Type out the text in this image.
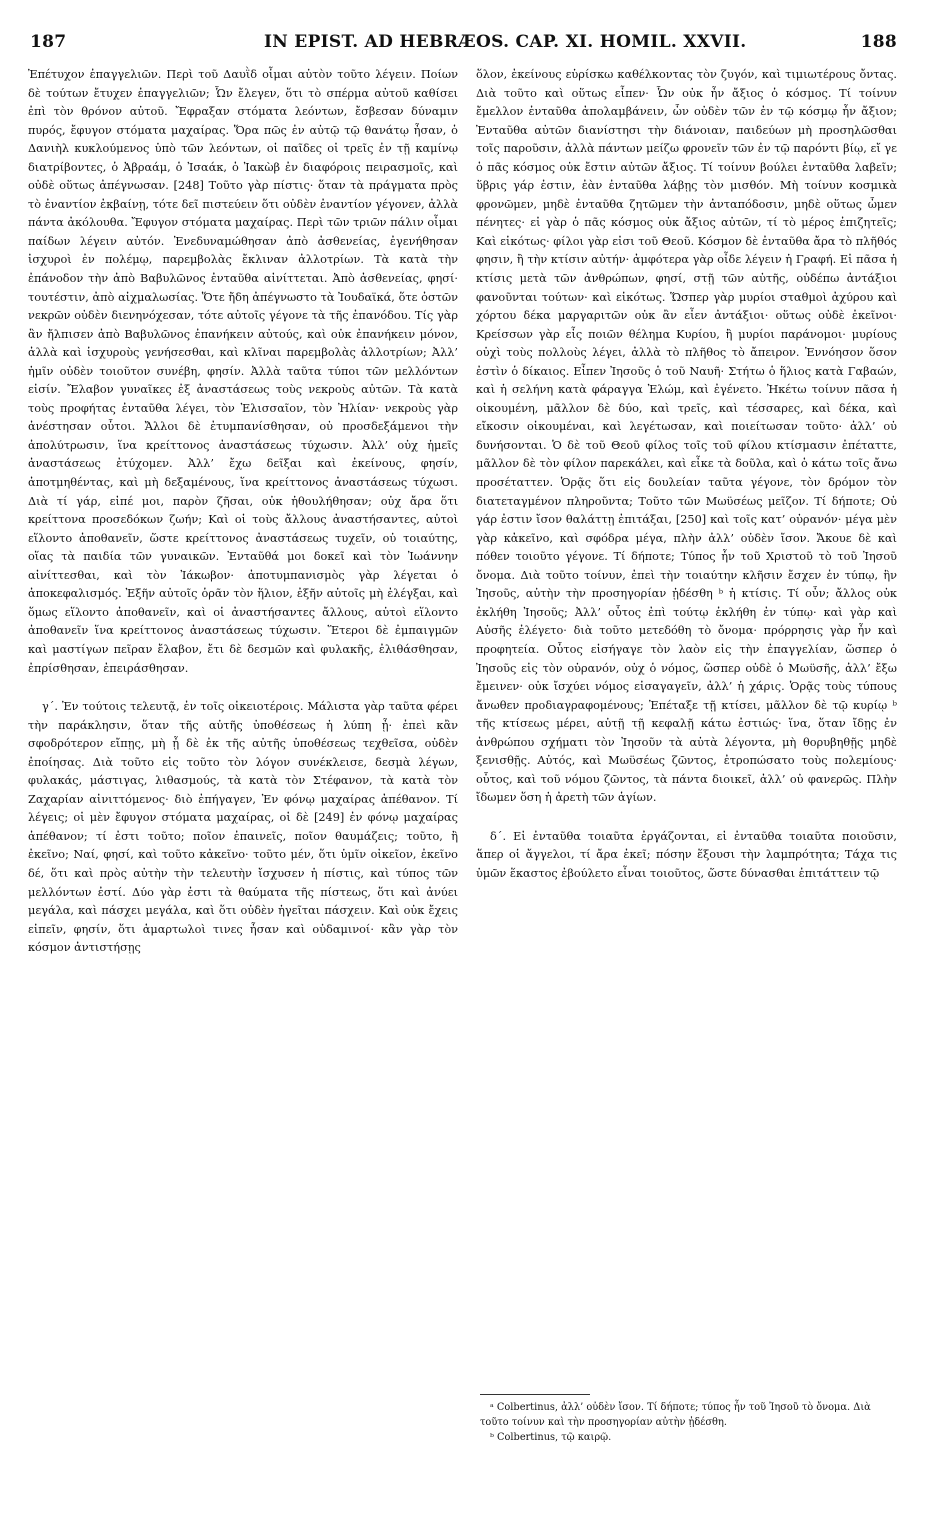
187	IN EPIST. AD HEBRÆOS. CAP. XI. HOMIL. XXVII.	188

Ἐπέτυχον ἐπαγγελιῶν. Περὶ τοῦ Δαυῒδ οἶμαι αὐτὸν τοῦτο λέγειν. Ποίων δὲ τούτων ἔτυχεν ἐπαγγελιῶν; Ὧν ἔλεγεν, ὅτι τὸ σπέρμα αὐτοῦ καθίσει ἐπὶ τὸν θρόνον αὐτοῦ. Ἔφραξαν στόματα λεόντων, ἔσβεσαν δύναμιν πυρός, ἔφυγον στόματα μαχαίρας. Ὅρα πῶς ἐν αὐτῷ τῷ θανάτῳ ἦσαν, ὁ Δανιὴλ κυκλούμενος ὑπὸ τῶν λεόντων, οἱ παῖδες οἱ τρεῖς ἐν τῇ καμίνῳ διατρίβοντες, ὁ Ἀβραάμ, ὁ Ἰσαάκ, ὁ Ἰακὼβ ἐν διαφόροις πειρασμοῖς, καὶ οὐδὲ οὕτως ἀπέγνωσαν. [248] Τοῦτο γὰρ πίστις· ὅταν τὰ πράγματα πρὸς τὸ ἐναντίον ἐκβαίνῃ, τότε δεῖ πιστεύειν ὅτι οὐδὲν ἐναντίον γέγονεν, ἀλλὰ πάντα ἀκόλουθα. Ἔφυγον στόματα μαχαίρας. Περὶ τῶν τριῶν πάλιν οἶμαι παίδων λέγειν αὐτόν. Ἐνεδυναμώθησαν ἀπὸ ἀσθενείας, ἐγενήθησαν ἰσχυροὶ ἐν πολέμῳ, παρεμβολὰς ἔκλιναν ἀλλοτρίων. Τὰ κατὰ τὴν ἐπάνοδον τὴν ἀπὸ Βαβυλῶνος ἐνταῦθα αἰνίττεται. Ἀπὸ ἀσθενείας, φησί· τουτέστιν, ἀπὸ αἰχμαλωσίας. Ὅτε ἤδη ἀπέγνωστο τὰ Ἰουδαϊκά, ὅτε ὀστῶν νεκρῶν οὐδὲν διενηνόχεσαν, τότε αὐτοῖς γέγονε τὰ τῆς ἐπανόδου. Τίς γὰρ ἂν ἤλπισεν ἀπὸ Βαβυλῶνος ἐπανήκειν αὐτούς, καὶ οὐκ ἐπανήκειν μόνον, ἀλλὰ καὶ ἰσχυροὺς γενήσεσθαι, καὶ κλῖναι παρεμβολὰς ἀλλοτρίων; Ἀλλ’ ἡμῖν οὐδὲν τοιοῦτον συνέβη, φησίν. Ἀλλὰ ταῦτα τύποι τῶν μελλόντων εἰσίν. Ἔλαβον γυναῖκες ἐξ ἀναστάσεως τοὺς νεκροὺς αὐτῶν. Τὰ κατὰ τοὺς προφήτας ἐνταῦθα λέγει, τὸν Ἐλισσαῖον, τὸν Ἠλίαν· νεκροὺς γὰρ ἀνέστησαν οὗτοι. Ἄλλοι δὲ ἐτυμπανίσθησαν, οὐ προσδεξάμενοι τὴν ἀπολύτρωσιν, ἵνα κρείττονος ἀναστάσεως τύχωσιν. Ἀλλ’ οὐχ ἡμεῖς ἀναστάσεως ἐτύχομεν. Ἀλλ’ ἔχω δεῖξαι καὶ ἐκείνους, φησίν, ἀποτμηθέντας, καὶ μὴ δεξαμένους, ἵνα κρείττονος ἀναστάσεως τύχωσι. Διὰ τί γάρ, εἰπέ μοι, παρὸν ζῆσαι, οὐκ ἠθουλήθησαν; οὐχ ἄρα ὅτι κρείττονα προσεδόκων ζωήν; Καὶ οἱ τοὺς ἄλλους ἀναστήσαντες, αὐτοὶ εἵλοντο ἀποθανεῖν, ὥστε κρείττονος ἀναστάσεως τυχεῖν, οὐ τοιαύτης, οἵας τὰ παιδία τῶν γυναικῶν. Ἐνταῦθά μοι δοκεῖ καὶ τὸν Ἰωάννην αἰνίττεσθαι, καὶ τὸν Ἰάκωβον· ἀποτυμπανισμὸς γὰρ λέγεται ὁ ἀποκεφαλισμός. Ἐξῆν αὐτοῖς ὁρᾶν τὸν ἥλιον, ἐξῆν αὐτοῖς μὴ ἐλέγξαι, καὶ ὅμως εἵλοντο ἀποθανεῖν, καὶ οἱ ἀναστήσαντες ἄλλους, αὐτοὶ εἵλοντο ἀποθανεῖν ἵνα κρείττονος ἀναστάσεως τύχωσιν. Ἕτεροι δὲ ἐμπαιγμῶν καὶ μαστίγων πεῖραν ἔλαβον, ἔτι δὲ δεσμῶν καὶ φυλακῆς, ἐλιθάσθησαν, ἐπρίσθησαν, ἐπειράσθησαν.

γ΄. Ἐν τούτοις τελευτᾷ, ἐν τοῖς οἰκειοτέροις. Μάλιστα γὰρ ταῦτα φέρει τὴν παράκλησιν, ὅταν τῆς αὐτῆς ὑποθέσεως ἡ λύπη ᾖ· ἐπεὶ κἂν σφοδρότερον εἴπῃς, μὴ ᾖ δὲ ἐκ τῆς αὐτῆς ὑποθέσεως τεχθεῖσα, οὐδὲν ἐποίησας. Διὰ τοῦτο εἰς τοῦτο τὸν λόγον συνέκλεισε, δεσμὰ λέγων, φυλακάς, μάστιγας, λιθασμούς, τὰ κατὰ τὸν Στέφανον, τὰ κατὰ τὸν Ζαχαρίαν αἰνιττόμενος· διὸ ἐπήγαγεν, Ἐν φόνῳ μαχαίρας ἀπέθανον. Τί λέγεις; οἱ μὲν ἔφυγον στόματα μαχαίρας, οἱ δὲ [249] ἐν φόνῳ μαχαίρας ἀπέθανον; τί ἐστι τοῦτο; ποῖον ἐπαινεῖς, ποῖον θαυμάζεις; τοῦτο, ἢ ἐκεῖνο; Ναί, φησί, καὶ τοῦτο κἀκεῖνο· τοῦτο μέν, ὅτι ὑμῖν οἰκεῖον, ἐκεῖνο δέ, ὅτι καὶ πρὸς αὐτὴν τὴν τελευτὴν ἴσχυσεν ἡ πίστις, καὶ τύπος τῶν μελλόντων ἐστί. Δύο γὰρ ἐστι τὰ θαύματα τῆς πίστεως, ὅτι καὶ ἀνύει μεγάλα, καὶ πάσχει μεγάλα, καὶ ὅτι οὐδὲν ἡγεῖται πάσχειν. Καὶ οὐκ ἔχεις εἰπεῖν, φησίν, ὅτι ἁμαρτωλοὶ τινες ἦσαν καὶ οὐδαμινοί· κἂν γὰρ τὸν κόσμον ἀντιστήσῃς

ὅλον, ἐκείνους εὑρίσκω καθέλκοντας τὸν ζυγόν, καὶ τιμιωτέρους ὄντας. Διὰ τοῦτο καὶ οὕτως εἶπεν· Ὧν οὐκ ἦν ἄξιος ὁ κόσμος. Τί τοίνυν ἔμελλον ἐνταῦθα ἀπολαμβάνειν, ὧν οὐδὲν τῶν ἐν τῷ κόσμῳ ἦν ἄξιον; Ἐνταῦθα αὐτῶν διανίστησι τὴν διάνοιαν, παιδεύων μὴ προσηλῶσθαι τοῖς παροῦσιν, ἀλλὰ πάντων μείζω φρονεῖν τῶν ἐν τῷ παρόντι βίῳ, εἴ γε ὁ πᾶς κόσμος οὐκ ἔστιν αὐτῶν ἄξιος. Τί τοίνυν βούλει ἐνταῦθα λαβεῖν; ὕβρις γάρ ἐστιν, ἐὰν ἐνταῦθα λάβῃς τὸν μισθόν. Μὴ τοίνυν κοσμικὰ φρονῶμεν, μηδὲ ἐνταῦθα ζητῶμεν τὴν ἀνταπόδοσιν, μηδὲ οὕτως ὦμεν πένητες· εἰ γὰρ ὁ πᾶς κόσμος οὐκ ἄξιος αὐτῶν, τί τὸ μέρος ἐπιζητεῖς; Καὶ εἰκότως· φίλοι γὰρ εἰσι τοῦ Θεοῦ. Κόσμον δὲ ἐνταῦθα ἄρα τὸ πλῆθός φησιν, ἢ τὴν κτίσιν αὐτήν· ἀμφότερα γὰρ οἶδε λέγειν ἡ Γραφή. Εἰ πᾶσα ἡ κτίσις μετὰ τῶν ἀνθρώπων, φησί, στῇ τῶν αὐτῆς, οὐδέπω ἀντάξιοι φανοῦνται τούτων· καὶ εἰκότως. Ὥσπερ γὰρ μυρίοι σταθμοὶ ἀχύρου καὶ χόρτου δέκα μαργαριτῶν οὐκ ἂν εἶεν ἀντάξιοι· οὕτως οὐδὲ ἐκεῖνοι· Κρείσσων γὰρ εἷς ποιῶν θέλημα Κυρίου, ἢ μυρίοι παράνομοι· μυρίους οὐχὶ τοὺς πολλοὺς λέγει, ἀλλὰ τὸ πλῆθος τὸ ἄπειρον. Ἐννόησον ὅσον ἐστὶν ὁ δίκαιος. Εἶπεν Ἰησοῦς ὁ τοῦ Ναυῆ· Στήτω ὁ ἥλιος κατὰ Γαβαών, καὶ ἡ σελήνη κατὰ φάραγγα Ἐλώμ, καὶ ἐγένετο. Ἠκέτω τοίνυν πᾶσα ἡ οἰκουμένη, μᾶλλον δὲ δύο, καὶ τρεῖς, καὶ τέσσαρες, καὶ δέκα, καὶ εἴκοσιν οἰκουμέναι, καὶ λεγέτωσαν, καὶ ποιείτωσαν τοῦτο· ἀλλ’ οὐ δυνήσονται. Ὁ δὲ τοῦ Θεοῦ φίλος τοῖς τοῦ φίλου κτίσμασιν ἐπέταττε, μᾶλλον δὲ τὸν φίλον παρεκάλει, καὶ εἶκε τὰ δοῦλα, καὶ ὁ κάτω τοῖς ἄνω προσέταττεν. Ὁρᾷς ὅτι εἰς δουλείαν ταῦτα γέγονε, τὸν δρόμον τὸν διατεταγμένον πληροῦντα; Τοῦτο τῶν Μωϋσέως μεῖζον. Τί δήποτε; Οὐ γάρ ἐστιν ἴσον θαλάττῃ ἐπιτάξαι, [250] καὶ τοῖς κατ’ οὐρανόν· μέγα μὲν γὰρ κἀκεῖνο, καὶ σφόδρα μέγα, πλὴν ἀλλ’ οὐδὲν ἴσον. Ἄκουε δὲ καὶ πόθεν τοιοῦτο γέγονε. Τί δήποτε; Τύπος ἦν τοῦ Χριστοῦ τὸ τοῦ Ἰησοῦ ὄνομα. Διὰ τοῦτο τοίνυν, ἐπεὶ τὴν τοιαύτην κλῆσιν ἔσχεν ἐν τύπῳ, ἣν Ἰησοῦς, αὐτὴν τὴν προσηγορίαν ᾐδέσθη ᵇ ἡ κτίσις. Τί οὖν; ἄλλος οὐκ ἐκλήθη Ἰησοῦς; Ἀλλ’ οὗτος ἐπὶ τούτῳ ἐκλήθη ἐν τύπῳ· καὶ γὰρ καὶ Αὐσῆς ἐλέγετο· διὰ τοῦτο μετεδόθη τὸ ὄνομα· πρόρρησις γὰρ ἦν καὶ προφητεία. Οὗτος εἰσήγαγε τὸν λαὸν εἰς τὴν ἐπαγγελίαν, ὥσπερ ὁ Ἰησοῦς εἰς τὸν οὐρανόν, οὐχ ὁ νόμος, ὥσπερ οὐδὲ ὁ Μωϋσῆς, ἀλλ’ ἔξω ἔμεινεν· οὐκ ἴσχύει νόμος εἰσαγαγεῖν, ἀλλ’ ἡ χάρις. Ὁρᾷς τοὺς τύπους ἄνωθεν προδιαγραφομένους; Ἐπέταξε τῇ κτίσει, μᾶλλον δὲ τῷ κυρίῳ ᵇ τῆς κτίσεως μέρει, αὐτῇ τῇ κεφαλῇ κάτω ἐστιώς· ἵνα, ὅταν ἴδῃς ἐν ἀνθρώπου σχήματι τὸν Ἰησοῦν τὰ αὐτὰ λέγοντα, μὴ θορυβηθῇς μηδὲ ξενισθῇς. Αὐτός, καὶ Μωϋσέως ζῶντος, ἐτροπώσατο τοὺς πολεμίους· οὗτος, καὶ τοῦ νόμου ζῶντος, τὰ πάντα διοικεῖ, ἀλλ’ οὐ φανερῶς. Πλὴν ἴδωμεν ὅση ἡ ἀρετὴ τῶν ἁγίων.

δ΄. Εἰ ἐνταῦθα τοιαῦτα ἐργάζονται, εἰ ἐνταῦθα τοιαῦτα ποιοῦσιν, ἅπερ οἱ ἄγγελοι, τί ἄρα ἐκεῖ; πόσην ἕξουσι τὴν λαμπρότητα; Τάχα τις ὑμῶν ἕκαστος ἐβούλετο εἶναι τοιοῦτος, ὥστε δύνασθαι ἐπιτάττειν τῷ

ᵃ Colbertinus, ἀλλ’ οὐδὲν ἴσον. Τί δήποτε; τύπος ἦν τοῦ Ἰησοῦ τὸ ὄνομα. Διὰ τοῦτο τοίνυν καὶ τὴν προσηγορίαν αὐτὴν ᾐδέσθη.

ᵇ Colbertinus, τῷ καιρῷ.
